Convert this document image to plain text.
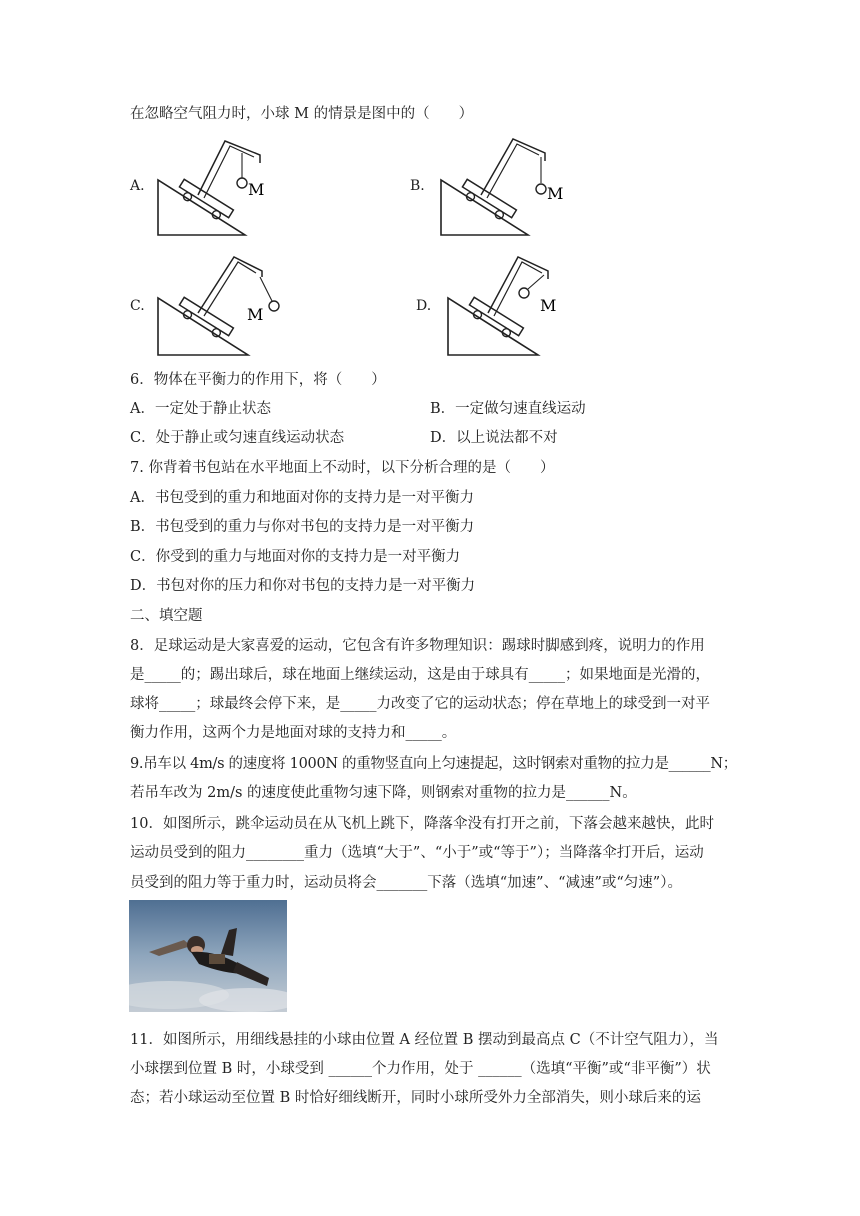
在忽略空气阻力时，小球 M 的情景是图中的（　　）
A.	M	B.	M
C.	M	D.	M
6．物体在平衡力的作用下，将（　　）
A．一定处于静止状态	B．一定做匀速直线运动
C．处于静止或匀速直线运动状态	D．以上说法都不对
7. 你背着书包站在水平地面上不动时，以下分析合理的是（　　）
A．书包受到的重力和地面对你的支持力是一对平衡力
B．书包受到的重力与你对书包的支持力是一对平衡力
C．你受到的重力与地面对你的支持力是一对平衡力
D．书包对你的压力和你对书包的支持力是一对平衡力
二、填空题
8．足球运动是大家喜爱的运动，它包含有许多物理知识：踢球时脚感到疼，说明力的作用
是_____的；踢出球后，球在地面上继续运动，这是由于球具有_____；如果地面是光滑的，
球将_____；球最终会停下来，是_____力改变了它的运动状态；停在草地上的球受到一对平
衡力作用，这两个力是地面对球的支持力和_____。
9.吊车以 4m/s 的速度将 1000N 的重物竖直向上匀速提起，这时钢索对重物的拉力是______N；
若吊车改为 2m/s 的速度使此重物匀速下降，则钢索对重物的拉力是______N。
10．如图所示，跳伞运动员在从飞机上跳下，降落伞没有打开之前，下落会越来越快，此时
运动员受到的阻力________重力（选填“大于”、“小于”或“等于”）；当降落伞打开后，运动
员受到的阻力等于重力时，运动员将会_______下落（选填“加速”、“减速”或“匀速”）。
11．如图所示，用细线悬挂的小球由位置 A 经位置 B 摆动到最高点 C（不计空气阻力），当
小球摆到位置 B 时，小球受到 ______个力作用，处于 ______（选填“平衡”或“非平衡”）状
态；若小球运动至位置 B 时恰好细线断开，同时小球所受外力全部消失，则小球后来的运
